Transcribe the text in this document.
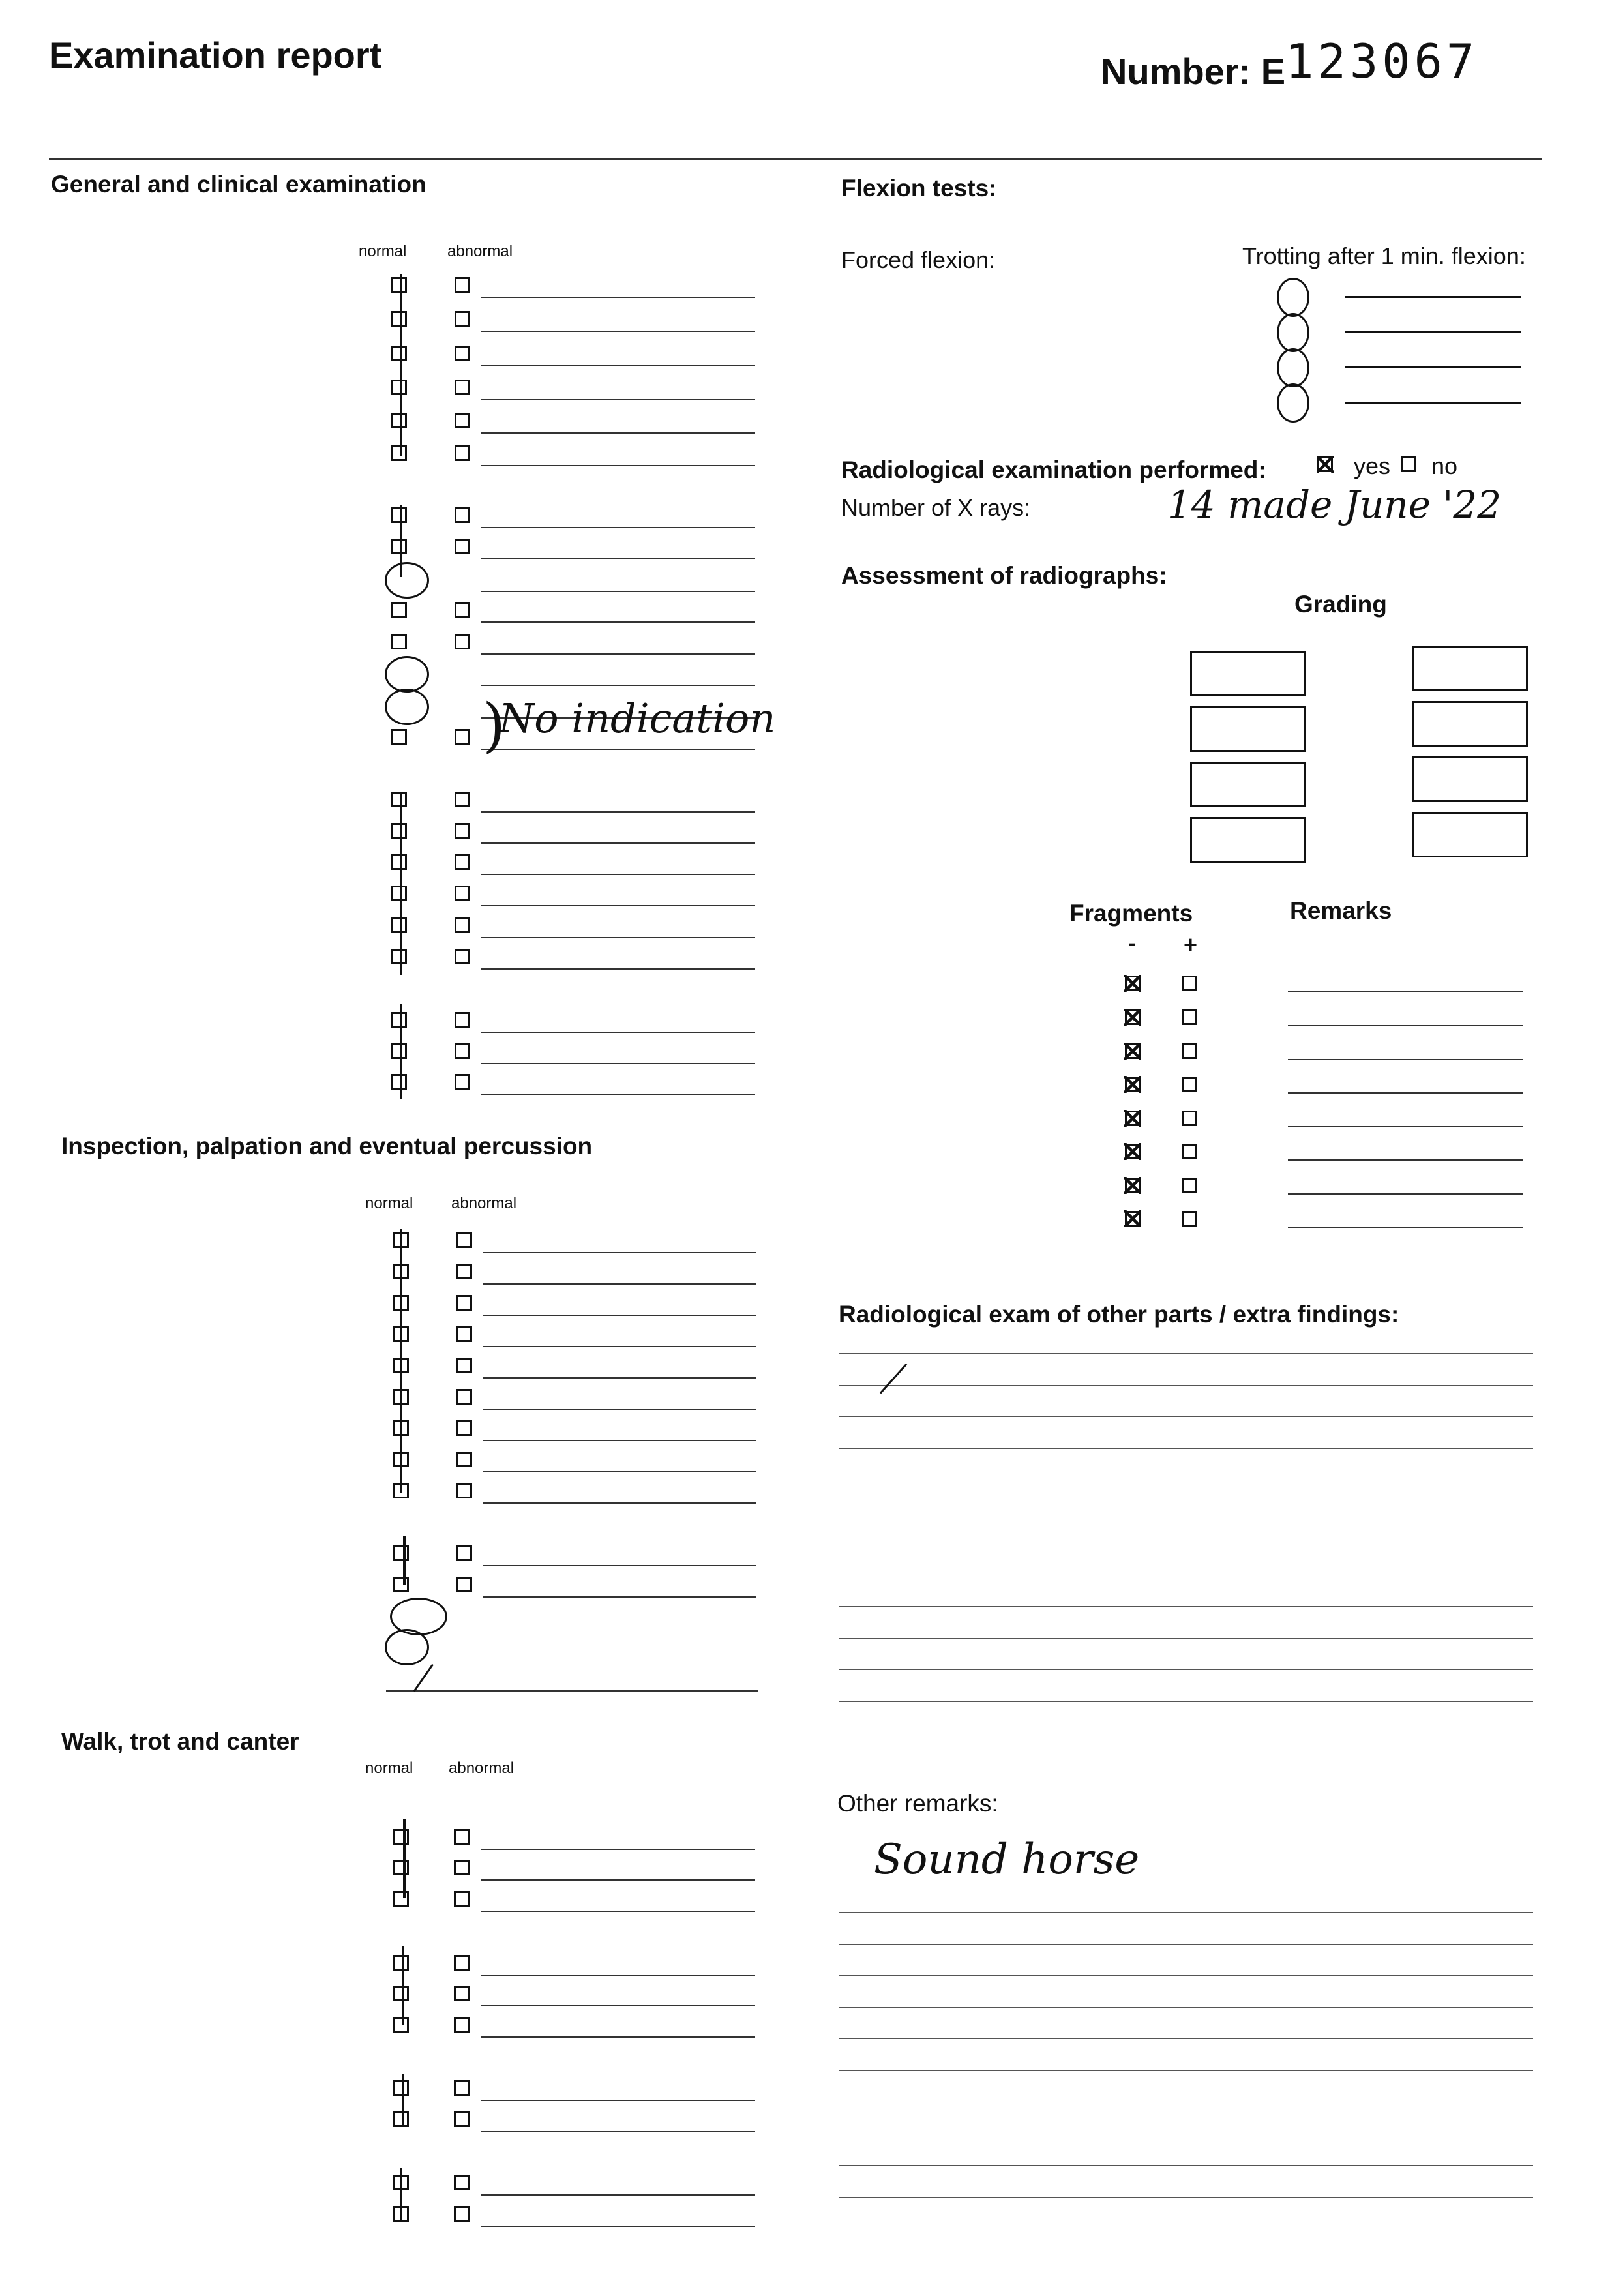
Examination report	Number: E123067
General and clinical examination
normal	abnormal
No indication
)
Inspection, palpation and eventual percussion
normal abnormal
Walk, trot and canter
normal abnormal
Flexion tests:
Forced flexion:	Trotting after 1 min. flexion:
Radiological examination performed:	yes no
Number of X rays:	14 made June '22
Assessment of radiographs:
Grading
Fragments	Remarks
- +
Radiological exam of other parts / extra findings:
Other remarks:
Sound horse
